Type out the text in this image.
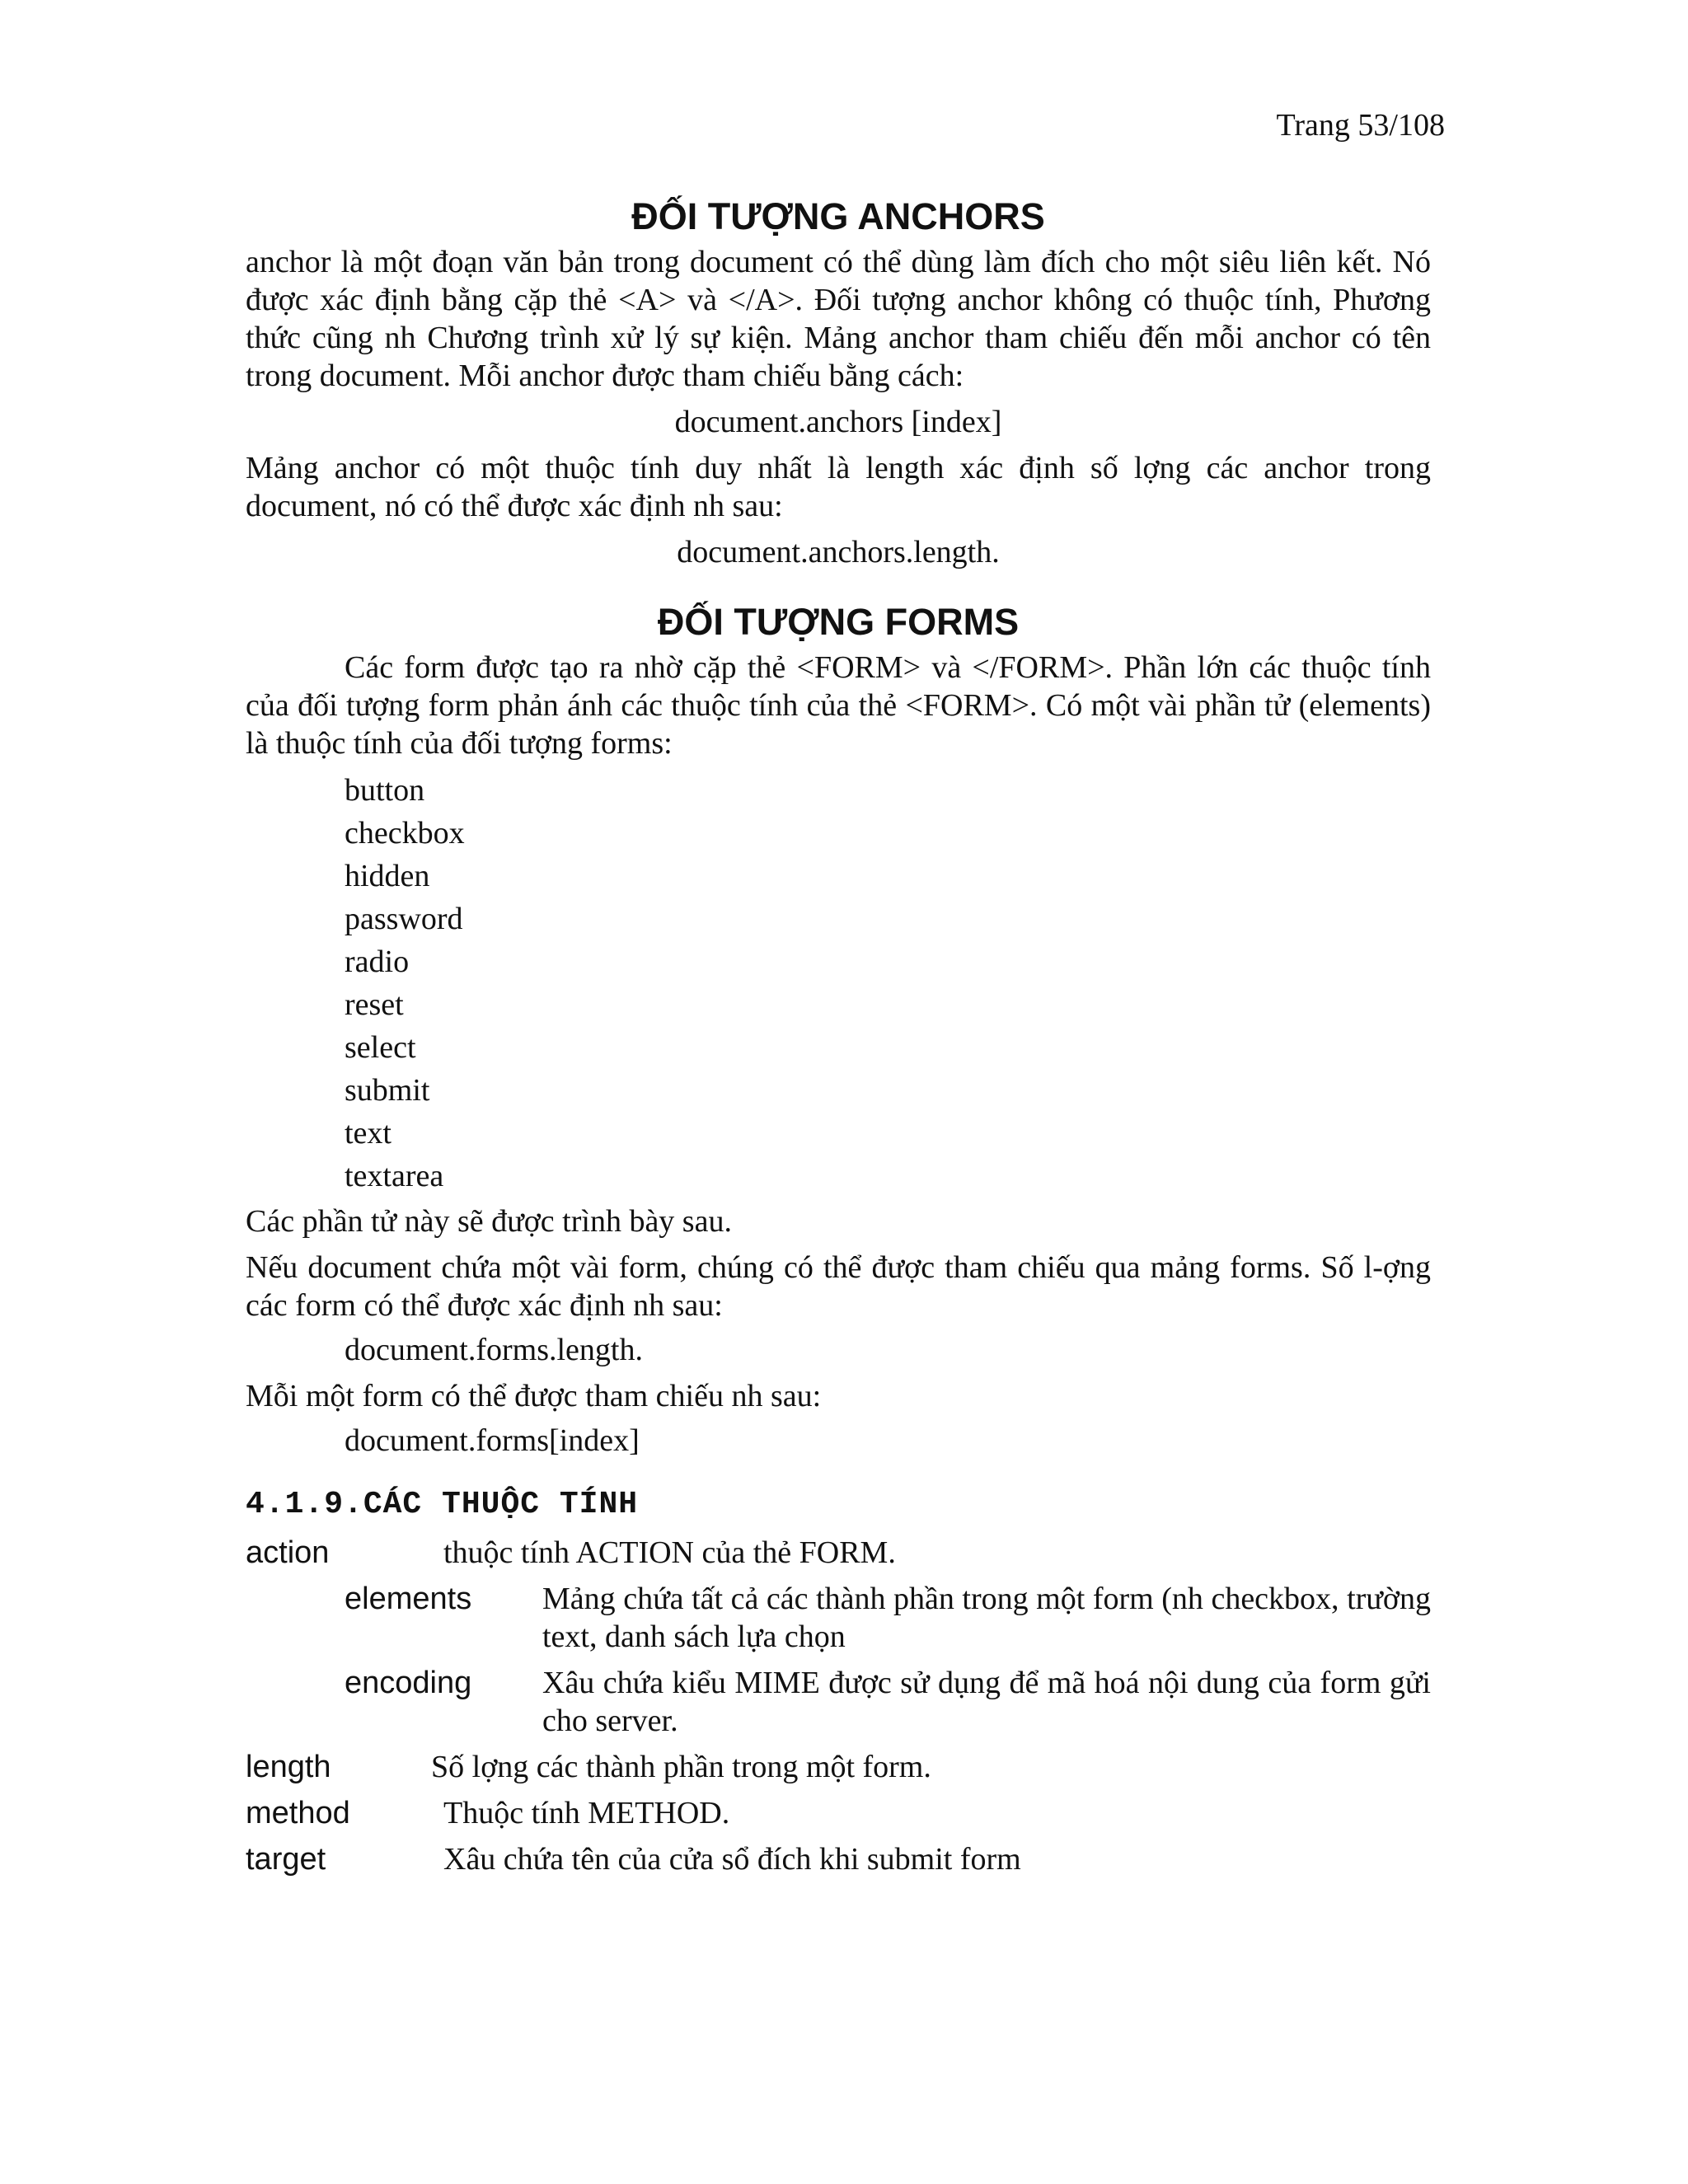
Trang 53/108
ĐỐI TƯỢNG ANCHORS

anchor là một đoạn văn bản trong document có thể dùng làm đích cho một siêu liên kết. Nó được xác định bằng cặp thẻ <A> và </A>. Đối tượng anchor không có thuộc tính, Phương thức cũng nh Chương trình xử lý sự kiện. Mảng anchor tham chiếu đến mỗi anchor có tên trong document. Mỗi anchor được tham chiếu bằng cách:

document.anchors [index]

Mảng anchor có một thuộc tính duy nhất là length xác định số lợng các anchor trong document, nó có thể được xác định nh sau:

document.anchors.length.
ĐỐI TƯỢNG FORMS

Các form được tạo ra nhờ cặp thẻ <FORM> và </FORM>. Phần lớn các thuộc tính của đối tượng form phản ánh các thuộc tính của thẻ <FORM>. Có một vài phần tử (elements) là thuộc tính của đối tượng forms:

button
checkbox
hidden
password
radio
reset
select
submit
text
textarea

Các phần tử này sẽ được trình bày sau.

Nếu document chứa một vài form, chúng có thể được tham chiếu qua mảng forms. Số l-ợng các form có thể được xác định nh sau:

document.forms.length.

Mỗi một form có thể được tham chiếu nh sau:

document.forms[index]
4.1.9.CÁC THUỘC TÍNH
action	thuộc tính ACTION của thẻ FORM.
elements	Mảng chứa tất cả các thành phần trong một form (nh checkbox, trường text, danh sách lựa chọn
encoding	Xâu chứa kiểu MIME được sử dụng để mã hoá nội dung của form gửi cho server.
length	Số lợng các thành phần trong một form.
method	Thuộc tính METHOD.
target	Xâu chứa tên của cửa sổ đích khi submit form
